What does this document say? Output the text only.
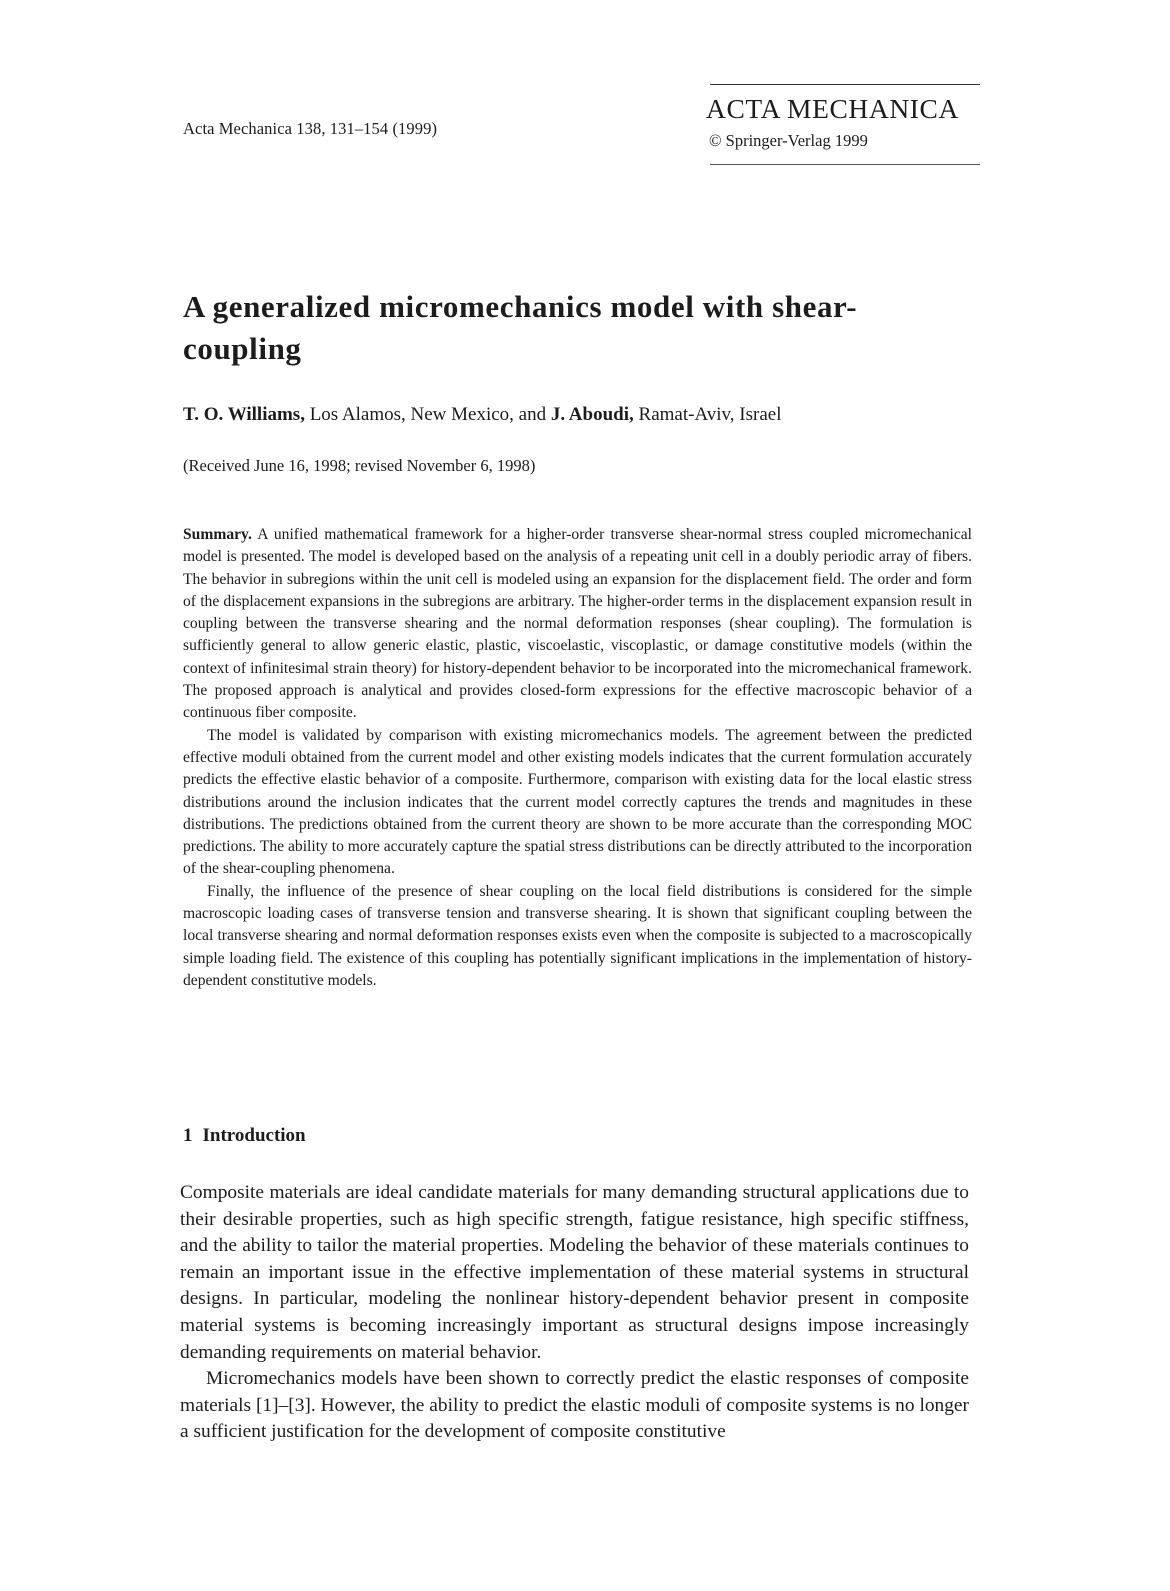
Acta Mechanica 138, 131–154 (1999)
ACTA MECHANICA
© Springer-Verlag 1999
A generalized micromechanics model with shear-coupling
T. O. Williams, Los Alamos, New Mexico, and J. Aboudi, Ramat-Aviv, Israel
(Received June 16, 1998; revised November 6, 1998)

Summary. A unified mathematical framework for a higher-order transverse shear-normal stress coupled micromechanical model is presented. The model is developed based on the analysis of a repeating unit cell in a doubly periodic array of fibers. The behavior in subregions within the unit cell is modeled using an expansion for the displacement field. The order and form of the displacement expansions in the subregions are arbitrary. The higher-order terms in the displacement expansion result in coupling between the transverse shearing and the normal deformation responses (shear coupling). The formulation is sufficiently general to allow generic elastic, plastic, viscoelastic, viscoplastic, or damage constitutive models (within the context of infinitesimal strain theory) for history-dependent behavior to be incorporated into the micromechanical framework. The proposed approach is analytical and provides closed-form expressions for the effective macroscopic behavior of a continuous fiber composite.

The model is validated by comparison with existing micromechanics models. The agreement between the predicted effective moduli obtained from the current model and other existing models indicates that the current formulation accurately predicts the effective elastic behavior of a composite. Furthermore, comparison with existing data for the local elastic stress distributions around the inclusion indicates that the current model correctly captures the trends and magnitudes in these distributions. The predictions obtained from the current theory are shown to be more accurate than the corresponding MOC predictions. The ability to more accurately capture the spatial stress distributions can be directly attributed to the incorporation of the shear-coupling phenomena.

Finally, the influence of the presence of shear coupling on the local field distributions is considered for the simple macroscopic loading cases of transverse tension and transverse shearing. It is shown that significant coupling between the local transverse shearing and normal deformation responses exists even when the composite is subjected to a macroscopically simple loading field. The existence of this coupling has potentially significant implications in the implementation of history-dependent constitutive models.

1 Introduction

Composite materials are ideal candidate materials for many demanding structural applications due to their desirable properties, such as high specific strength, fatigue resistance, high specific stiffness, and the ability to tailor the material properties. Modeling the behavior of these materials continues to remain an important issue in the effective implementation of these material systems in structural designs. In particular, modeling the nonlinear history-dependent behavior present in composite material systems is becoming increasingly important as structural designs impose increasingly demanding requirements on material behavior.

Micromechanics models have been shown to correctly predict the elastic responses of composite materials [1]–[3]. However, the ability to predict the elastic moduli of composite systems is no longer a sufficient justification for the development of composite constitutive
